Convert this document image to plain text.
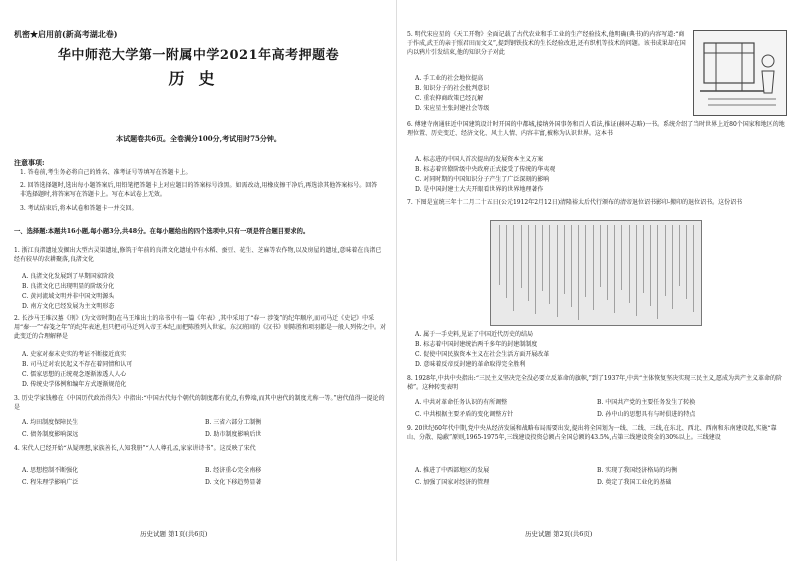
机密★启用前(新高考湖北卷)
华中师范大学第一附属中学2021年高考押题卷
历史
本试题卷共6页。全卷满分100分,考试用时75分钟。
注意事项:
1. 答卷前,考生务必将自己的姓名、准考证号等填写在答题卡上。
2. 回答选择题时,选出每小题答案后,用铅笔把答题卡上对应题目的答案标号涂黑。如需改动,用橡皮擦干净后,再选涂其他答案标号。回答非选择题时,将答案写在答题卡上。写在本试卷上无效。
3. 考试结束后,将本试卷和答题卡一并交回。
一、选择题:本题共16小题,每小题3分,共48分。在每小题给出的四个选项中,只有一项是符合题目要求的。
1. 浙江良渚遗址发掘出大型古灵渠遗址,修筑于年前的良渚文化遗址中有水稻、蚕豆、花生、芝麻等农作物,以及房屋的遗址,意味着在良渚已经有较早的农耕聚落,良渚文化
A. 良渚文化发展到了早期国家阶段
B. 良渚文化已出现明显的阶级分化
C. 黄河流域文明并非中国文明源头
D. 南方文化已经发展为主文明形态
2. 长沙马王堆汉墓《刑》(为文帝时期)在马王堆出土的帛书中有一篇《年表》,其中采用了“春一 涉笺”的纪年顺序,而司马迁《史记》中采用“秦·一”“春笺之年”的纪年表述,但只把司马迁列入帝王本纪,而把陈胜列入世家。东汉班固的《汉书》则陈胜和项羽都是一般人列传之中。对此变迁的合理解释是
A. 史家对秦末史实的考证不断接近真实
B. 司马迁对农民起义不存在着同情和认可
C. 儒家思想的正统观念逐渐渗透人人心
D. 传统史学体例和编年方式逐渐规范化
3. 历史学家钱穆在《中国历代政治得失》中指出:“中国古代每个朝代的制度都有优点,有弊端,而其中唐代的制度尤称一等。”唐代值得一提论的是
A. 均田制度保障民生	B. 三省六部分工制衡
C. 债务制度影响深远	D. 助市制度影响后世
4. 宋代人已经开始“从疑理想,家族善长,人知我册”“人人尊孔孟,家家讲诗书”。这反映了宋代
A. 思想控制不断强化	B. 经济重心完全南移
C. 程朱理学影响广泛	D. 文化下移趋势显著
历史试题 第1页(共6页)
5. 明代宋应星的《天工开物》全面记载了古代农业和手工业的生产经验技术,他明确(典书)的内容写道:“商于作成,武王的亲于照君田而文义”,提到钢铁技术的生长经验改进,还有织机等技术的问题。该书成果却在国内以鸦片引发结束,他的知识分子对此
A. 手工业的社会地位提高
B. 知识分子的社会批判意识
C. 重农抑商政策已经瓦解
D. 宋应星主张封建社会等级
6. 傅建寺南通驻近中国建筑设计时开国的中都城,接纳外国事务和百人看法,推证(赫环志略)一书。系统介绍了当时世界上近80个国家和地区的地理位置、历史变迁、经济文化、风土人情、内容丰富,被称为认识世界。这本书
A. 标志进的中国人首次提出的发展资本主义方案
B. 标志着官僚阶级中央政府正式接受了传统的华夷观
C. 对同时期的中国知识分子产生了广泛深刻的影响
D. 是中国封建士大夫开眼看世界的世界地理著作
7. 下图是宣统三年十二月二十五日(公元1912年2月12日)清隆裕太后代行颁布的清帝退位诏书影印-搬印的退位诏书。这份诏书
A. 属于一手史料,见证了中国近代历史的结局
B. 标志着中国封建统治两千多年的封建制制度
C. 促使中国民族资本主义在社会生活方面开展改革
D. 意味着反帝反封建的革命取得完全胜利
8. 1928年,中共中央指出:“三民主义坚决完全没必要立反革命的旗帜,”到了1937年,中共“主体恢复坚决实现三民主义,愿成为共产主义革命的阶梯”。这种转变表明
A. 中共对革命任务认识的有所调整	B. 中国共产党的主要任务发生了转换
C. 中共根据主要矛盾的变化调整方针	D. 孙中山的思想具有与时俱进的特点
9. 20世纪60年代中期,党中央从经济发展和战略布局需要出发,提出将全国划为一线、二线、三线,在东北、西北、西南和东南建设起,实施“靠山、分散、隐蔽”原则,1965-1975年,三线建设投资总额占全国总额的43.5%,占第三线建设资金的30%以上。三线建设
A. 推进了中西部地区的发展	B. 实现了我国经济格局的均衡
C. 加强了国家对经济的管理	D. 奠定了我国工业化的基础
历史试题 第2页(共6页)
